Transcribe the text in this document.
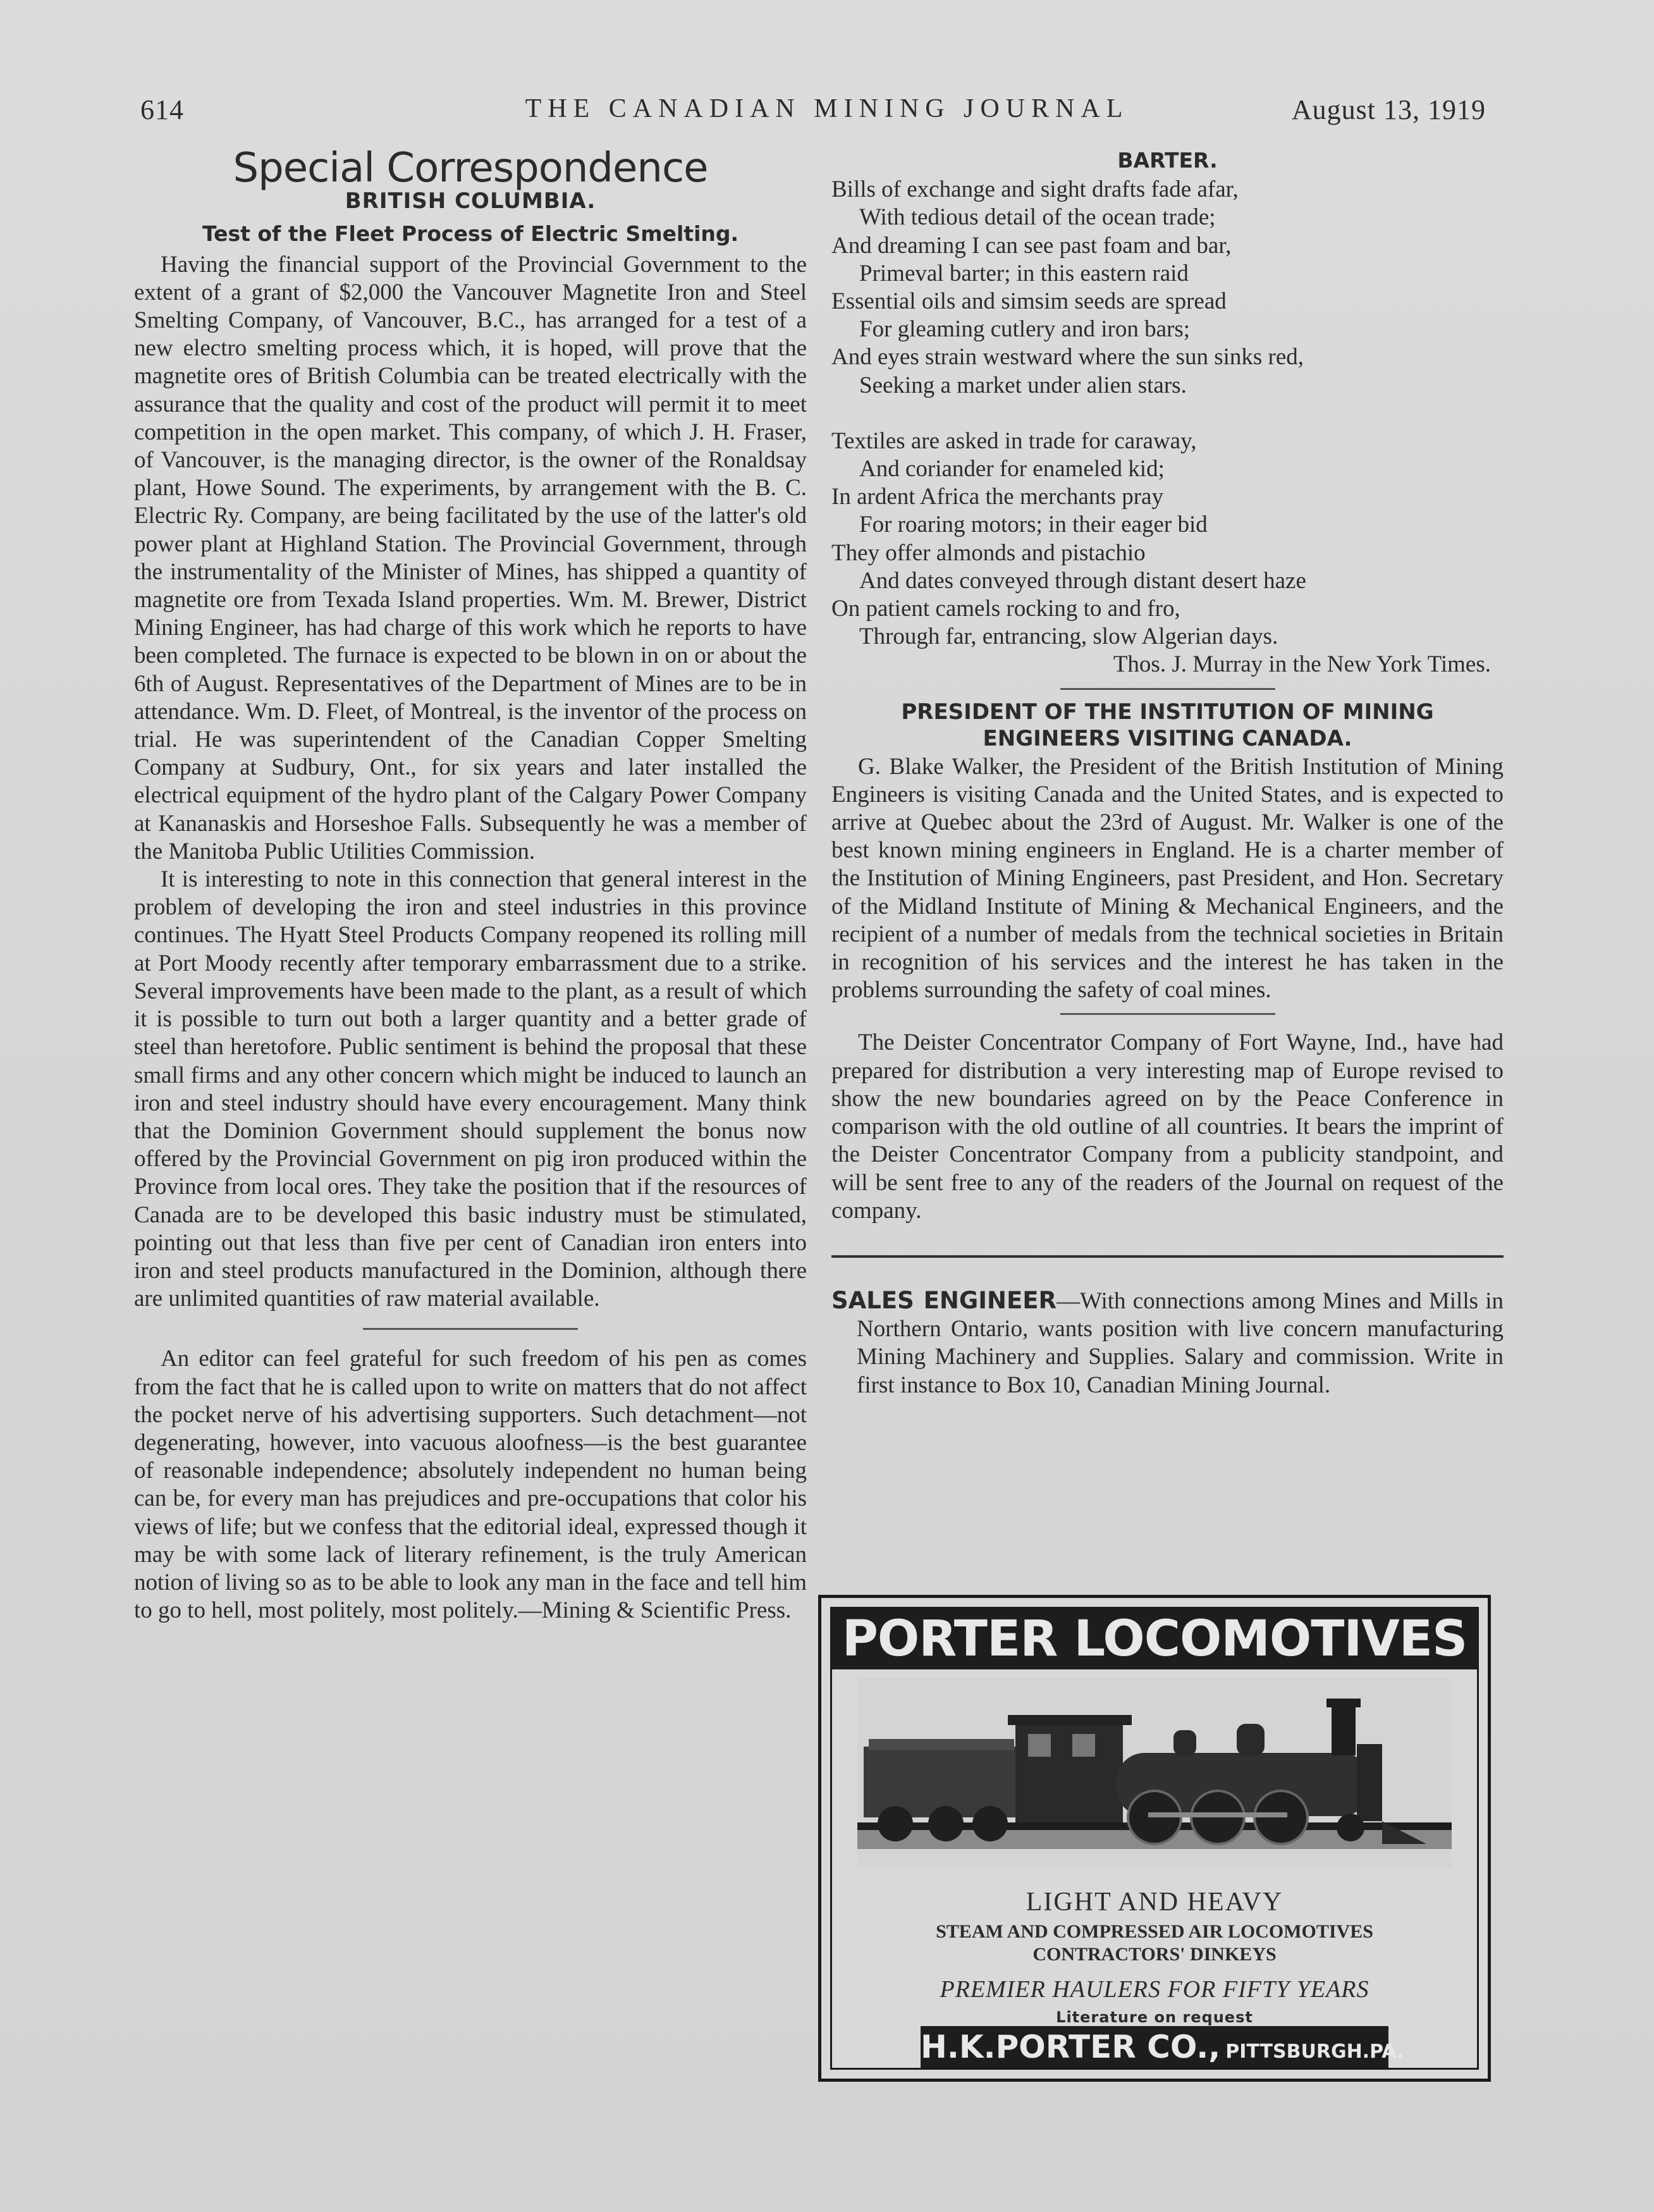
614	THE CANADIAN MINING JOURNAL	August 13, 1919
Special Correspondence
BRITISH COLUMBIA.
Test of the Fleet Process of Electric Smelting.

Having the financial support of the Provincial Government to the extent of a grant of $2,000 the Vancouver Magnetite Iron and Steel Smelting Company, of Vancouver, B.C., has arranged for a test of a new electro smelting process which, it is hoped, will prove that the magnetite ores of British Columbia can be treated electrically with the assurance that the quality and cost of the product will permit it to meet competition in the open market. This company, of which J. H. Fraser, of Vancouver, is the managing director, is the owner of the Ronaldsay plant, Howe Sound. The experiments, by arrangement with the B. C. Electric Ry. Company, are being facilitated by the use of the latter's old power plant at Highland Station. The Provincial Government, through the instrumentality of the Minister of Mines, has shipped a quantity of magnetite ore from Texada Island properties. Wm. M. Brewer, District Mining Engineer, has had charge of this work which he reports to have been completed. The furnace is expected to be blown in on or about the 6th of August. Representatives of the Department of Mines are to be in attendance. Wm. D. Fleet, of Montreal, is the inventor of the process on trial. He was superintendent of the Canadian Copper Smelting Company at Sudbury, Ont., for six years and later installed the electrical equipment of the hydro plant of the Calgary Power Company at Kananaskis and Horseshoe Falls. Subsequently he was a member of the Manitoba Public Utilities Commission.

It is interesting to note in this connection that general interest in the problem of developing the iron and steel industries in this province continues. The Hyatt Steel Products Company reopened its rolling mill at Port Moody recently after temporary embarrassment due to a strike. Several improvements have been made to the plant, as a result of which it is possible to turn out both a larger quantity and a better grade of steel than heretofore. Public sentiment is behind the proposal that these small firms and any other concern which might be induced to launch an iron and steel industry should have every encouragement. Many think that the Dominion Government should supplement the bonus now offered by the Provincial Government on pig iron produced within the Province from local ores. They take the position that if the resources of Canada are to be developed this basic industry must be stimulated, pointing out that less than five per cent of Canadian iron enters into iron and steel products manufactured in the Dominion, although there are unlimited quantities of raw material available.

An editor can feel grateful for such freedom of his pen as comes from the fact that he is called upon to write on matters that do not affect the pocket nerve of his advertising supporters. Such detachment—not degenerating, however, into vacuous aloofness—is the best guarantee of reasonable independence; absolutely independent no human being can be, for every man has prejudices and pre-occupations that color his views of life; but we confess that the editorial ideal, expressed though it may be with some lack of literary refinement, is the truly American notion of living so as to be able to look any man in the face and tell him to go to hell, most politely, most politely.—Mining & Scientific Press.

BARTER.
Bills of exchange and sight drafts fade afar,
With tedious detail of the ocean trade;
And dreaming I can see past foam and bar,
Primeval barter; in this eastern raid
Essential oils and simsim seeds are spread
For gleaming cutlery and iron bars;
And eyes strain westward where the sun sinks red,
Seeking a market under alien stars.
Textiles are asked in trade for caraway,
And coriander for enameled kid;
In ardent Africa the merchants pray
For roaring motors; in their eager bid
They offer almonds and pistachio
And dates conveyed through distant desert haze
On patient camels rocking to and fro,
Through far, entrancing, slow Algerian days.
Thos. J. Murray in the New York Times.
PRESIDENT OF THE INSTITUTION OF MINING
ENGINEERS VISITING CANADA.

G. Blake Walker, the President of the British Institution of Mining Engineers is visiting Canada and the United States, and is expected to arrive at Quebec about the 23rd of August. Mr. Walker is one of the best known mining engineers in England. He is a charter member of the Institution of Mining Engineers, past President, and Hon. Secretary of the Midland Institute of Mining & Mechanical Engineers, and the recipient of a number of medals from the technical societies in Britain in recognition of his services and the interest he has taken in the problems surrounding the safety of coal mines.

The Deister Concentrator Company of Fort Wayne, Ind., have had prepared for distribution a very interesting map of Europe revised to show the new boundaries agreed on by the Peace Conference in comparison with the old outline of all countries. It bears the imprint of the Deister Concentrator Company from a publicity standpoint, and will be sent free to any of the readers of the Journal on request of the company.

SALES ENGINEER—With connections among Mines and Mills in Northern Ontario, wants position with live concern manufacturing Mining Machinery and Supplies. Salary and commission. Write in first instance to Box 10, Canadian Mining Journal.

PORTER LOCOMOTIVES
LIGHT AND HEAVY
STEAM AND COMPRESSED AIR LOCOMOTIVES
CONTRACTORS' DINKEYS
PREMIER HAULERS FOR FIFTY YEARS
Literature on request
H.K.PORTER CO., PITTSBURGH.PA.
